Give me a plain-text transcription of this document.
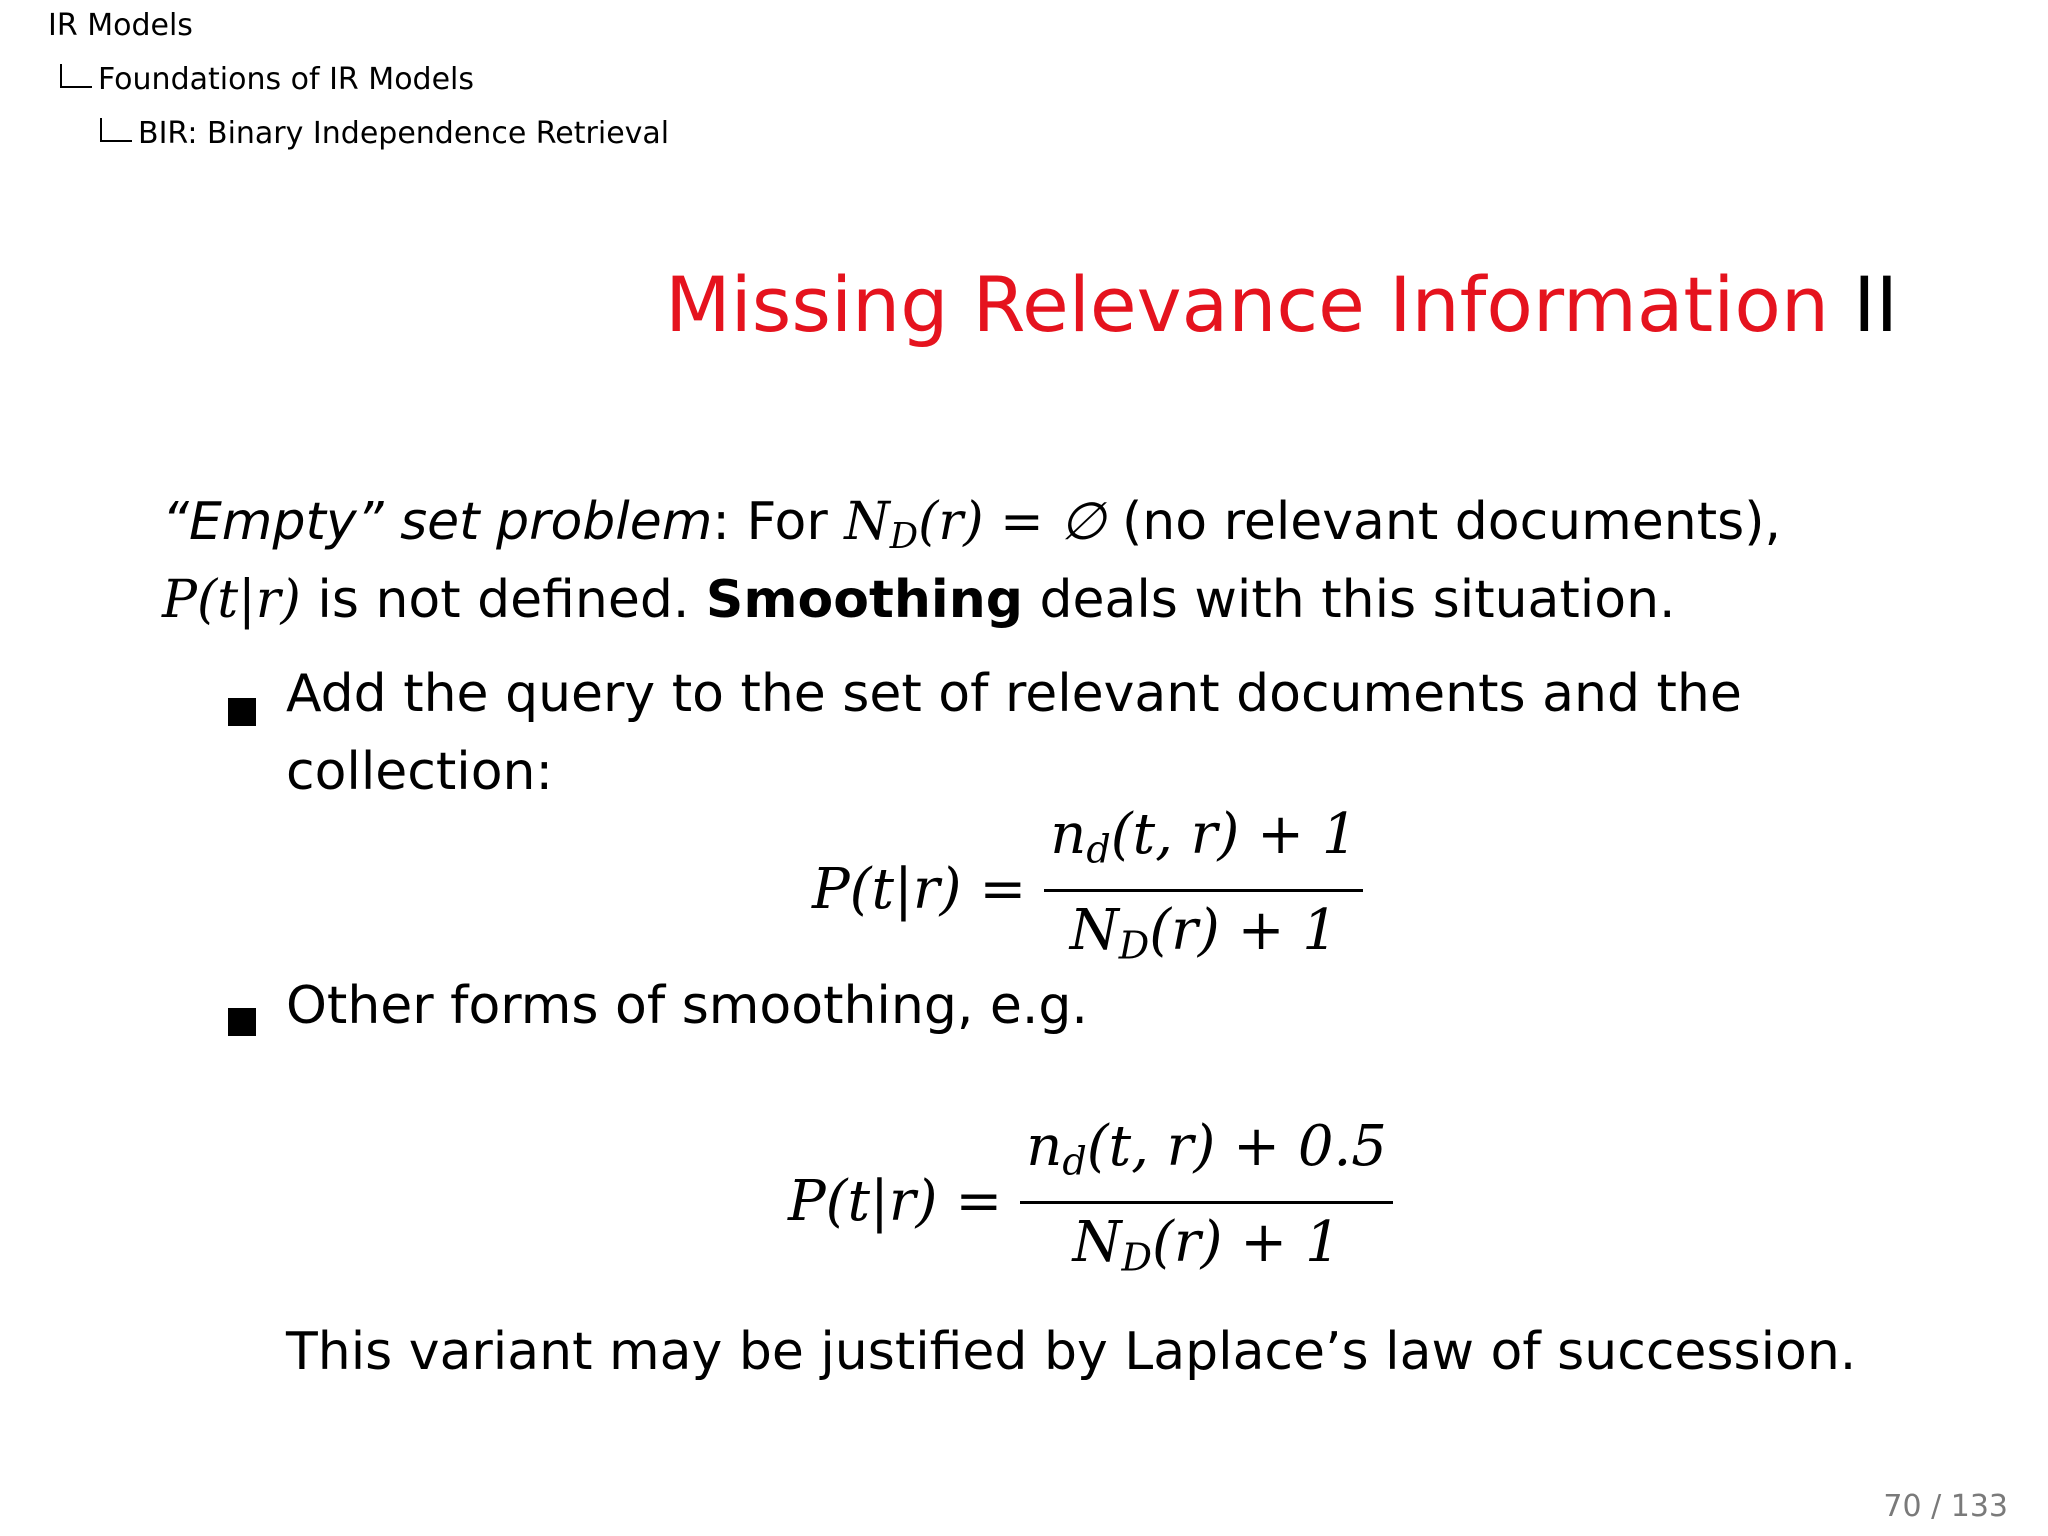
IR Models
Foundations of IR Models
BIR: Binary Independence Retrieval
Missing Relevance Information II
“Empty” set problem: For $N_D(r)$ = ∅ (no relevant documents),
P(t|r) is not defined. Smoothing deals with this situation.
Add the query to the set of relevant documents and the
collection:
$P(t|r) = \frac{n_d(t, r) + 1}{N_D(r) + 1}$
Other forms of smoothing, e.g.
$P(t|r) = \frac{n_d(t, r) + 0.5}{N_D(r) + 1}$
This variant may be justified by Laplace’s law of succession.
70 / 133
